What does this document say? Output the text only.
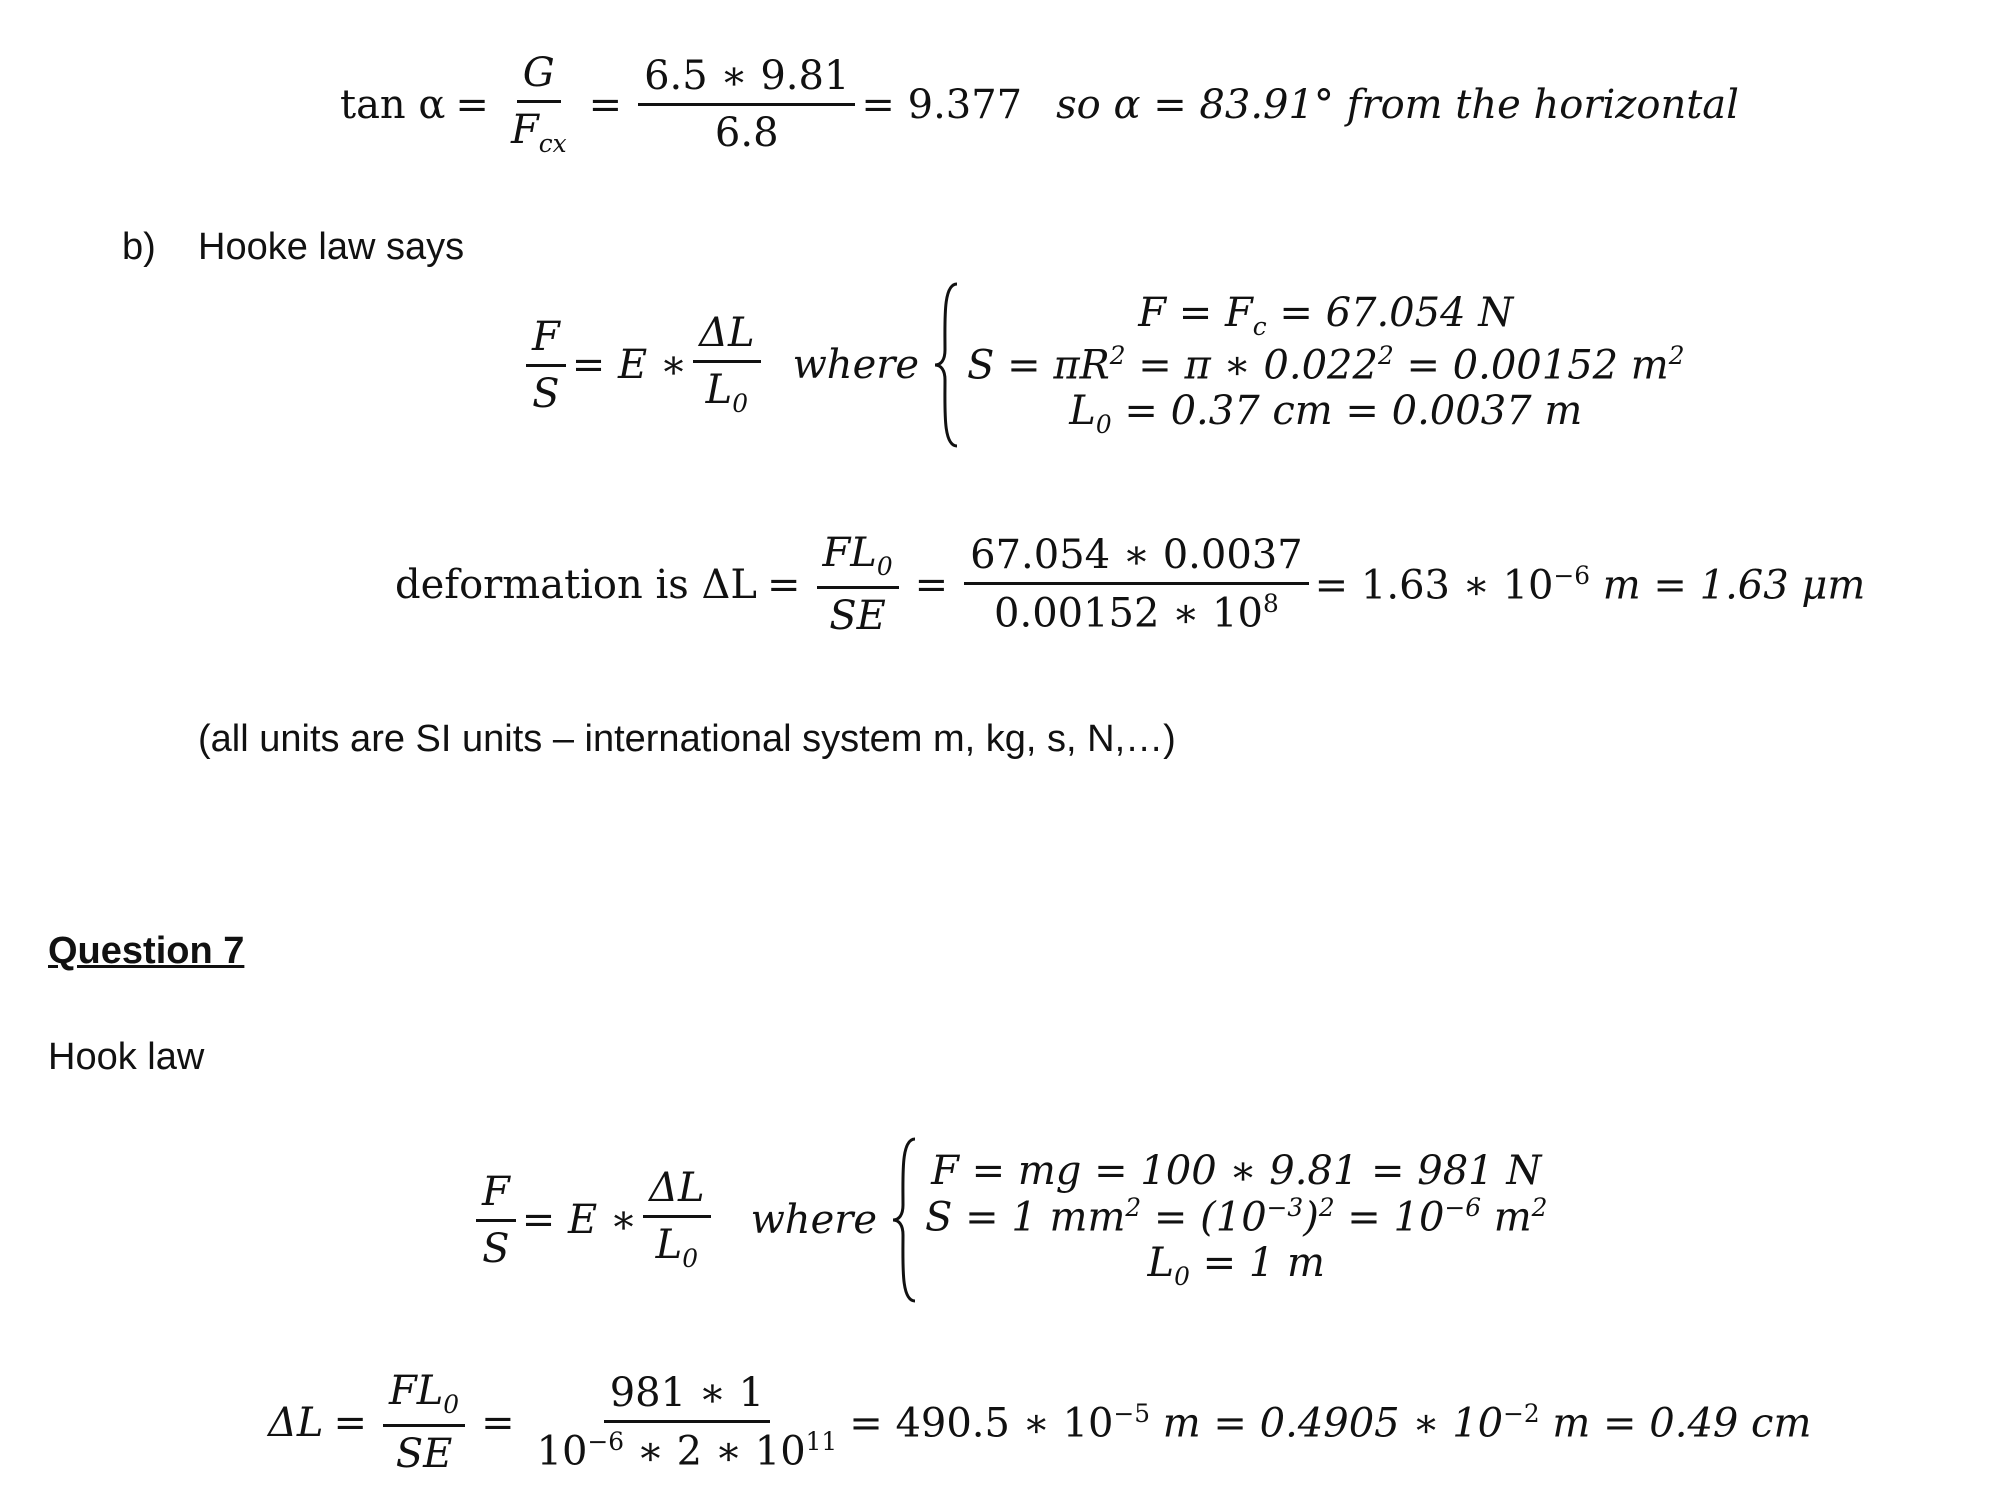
$\tan \alpha = \frac{G}{F_{cx}} = \frac{6.5 ∗ 9.81}{6.8} = 9.377$ so α = 83.91° from the horizontal
b) Hooke law says
$\frac{F}{S} = E$ ∗ $\frac{\Delta L}{L_0}$ where
$F = F_c = 67.054$ N
$S = \pi R^2 = \pi$ ∗ $0.022^2 = 0.00152$ $m^2$
$L_0 = 0.37$ cm = 0.0037 m
deformation is $\Delta L = \frac{FL_0}{SE} = \frac{67.054 ∗ 0.0037}{0.00152 ∗ 10^8} = 1.63$ ∗ $10^{-6}$ m = 1.63 μm
(all units are SI units – international system m, kg, s, N,…)
Question 7
Hook law
$\frac{F}{S} = E$ ∗ $\frac{\Delta L}{L_0}$ where
F = mg = 100 ∗ 9.81 = 981 N
S = 1 $mm^2 = (10^{-3})^2 = 10^{-6}$ $m^2$
$L_0 = 1$ m
$\Delta L = \frac{FL_0}{SE} = \frac{981 ∗ 1}{10^{-6} ∗ 2 ∗ 10^{11}} = 490.5$ ∗ $10^{-5}$ m = 0.4905 ∗ $10^{-2}$ m = 0.49 cm
